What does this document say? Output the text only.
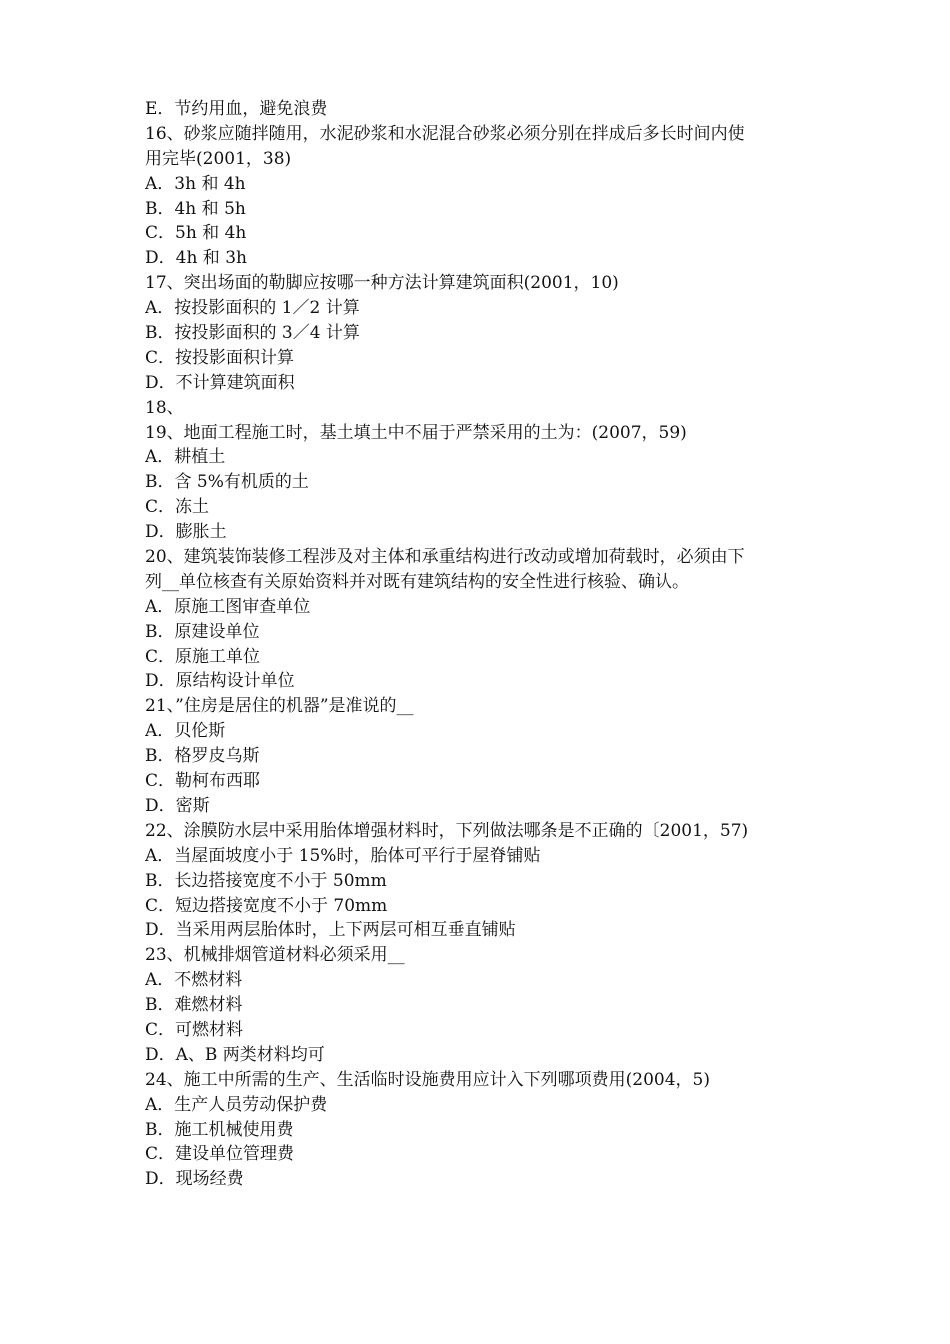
E．节约用血，避免浪费
16、砂浆应随拌随用，水泥砂浆和水泥混合砂浆必须分别在拌成后多长时间内使
用完毕(2001，38)
A．3h 和 4h
B．4h 和 5h
C．5h 和 4h
D．4h 和 3h
17、突出场面的勒脚应按哪一种方法计算建筑面积(2001，10)
A．按投影面积的 1／2 计算
B．按投影面积的 3／4 计算
C．按投影面积计算
D．不计算建筑面积
18、
19、地面工程施工时，基土填土中不届于严禁采用的土为：(2007，59)
A．耕植土
B．含 5%有机质的土
C．冻土
D．膨胀土
20、建筑装饰装修工程涉及对主体和承重结构进行改动或增加荷载时，必须由下
列__单位核查有关原始资料并对既有建筑结构的安全性进行核验、确认。
A．原施工图审查单位
B．原建设单位
C．原施工单位
D．原结构设计单位
21、”住房是居住的机器”是准说的__
A．贝伦斯
B．格罗皮乌斯
C．勒柯布西耶
D．密斯
22、涂膜防水层中采用胎体增强材料时，下列做法哪条是不正确的〔2001，57)
A．当屋面坡度小于 15%时，胎体可平行于屋脊铺贴
B．长边搭接宽度不小于 50mm
C．短边搭接宽度不小于 70mm
D．当采用两层胎体时，上下两层可相互垂直铺贴
23、机械排烟管道材料必须采用__
A．不燃材料
B．难燃材料
C．可燃材料
D．A、B 两类材料均可
24、施工中所需的生产、生活临时设施费用应计入下列哪项费用(2004，5)
A．生产人员劳动保护费
B．施工机械使用费
C．建设单位管理费
D．现场经费
